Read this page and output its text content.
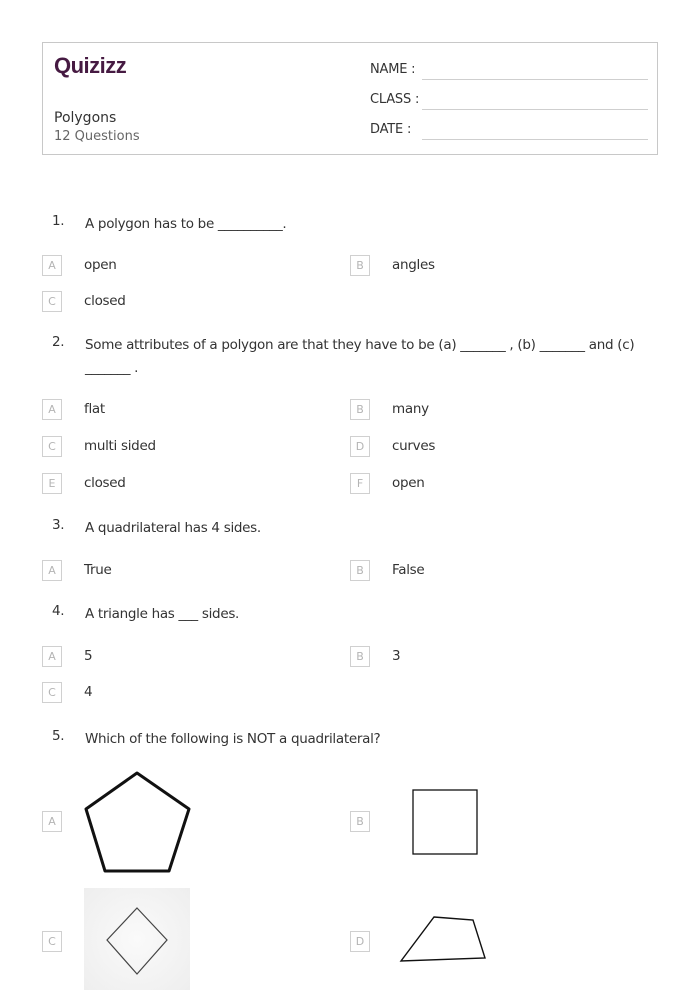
Quizizz
Polygons
12 Questions
NAME :
CLASS :
DATE :
1. A polygon has to be __________.
A	open	B	angles
C	closed
2. Some attributes of a polygon are that they have to be (a) _______ , (b) _______ and (c) _______ .
A	flat	B	many
C	multi sided	D	curves
E	closed	F	open
3. A quadrilateral has 4 sides.
A	True	B	False
4. A triangle has ___ sides.
A	5	B	3
C	4
5. Which of the following is NOT a quadrilateral?
A	B
C	D
